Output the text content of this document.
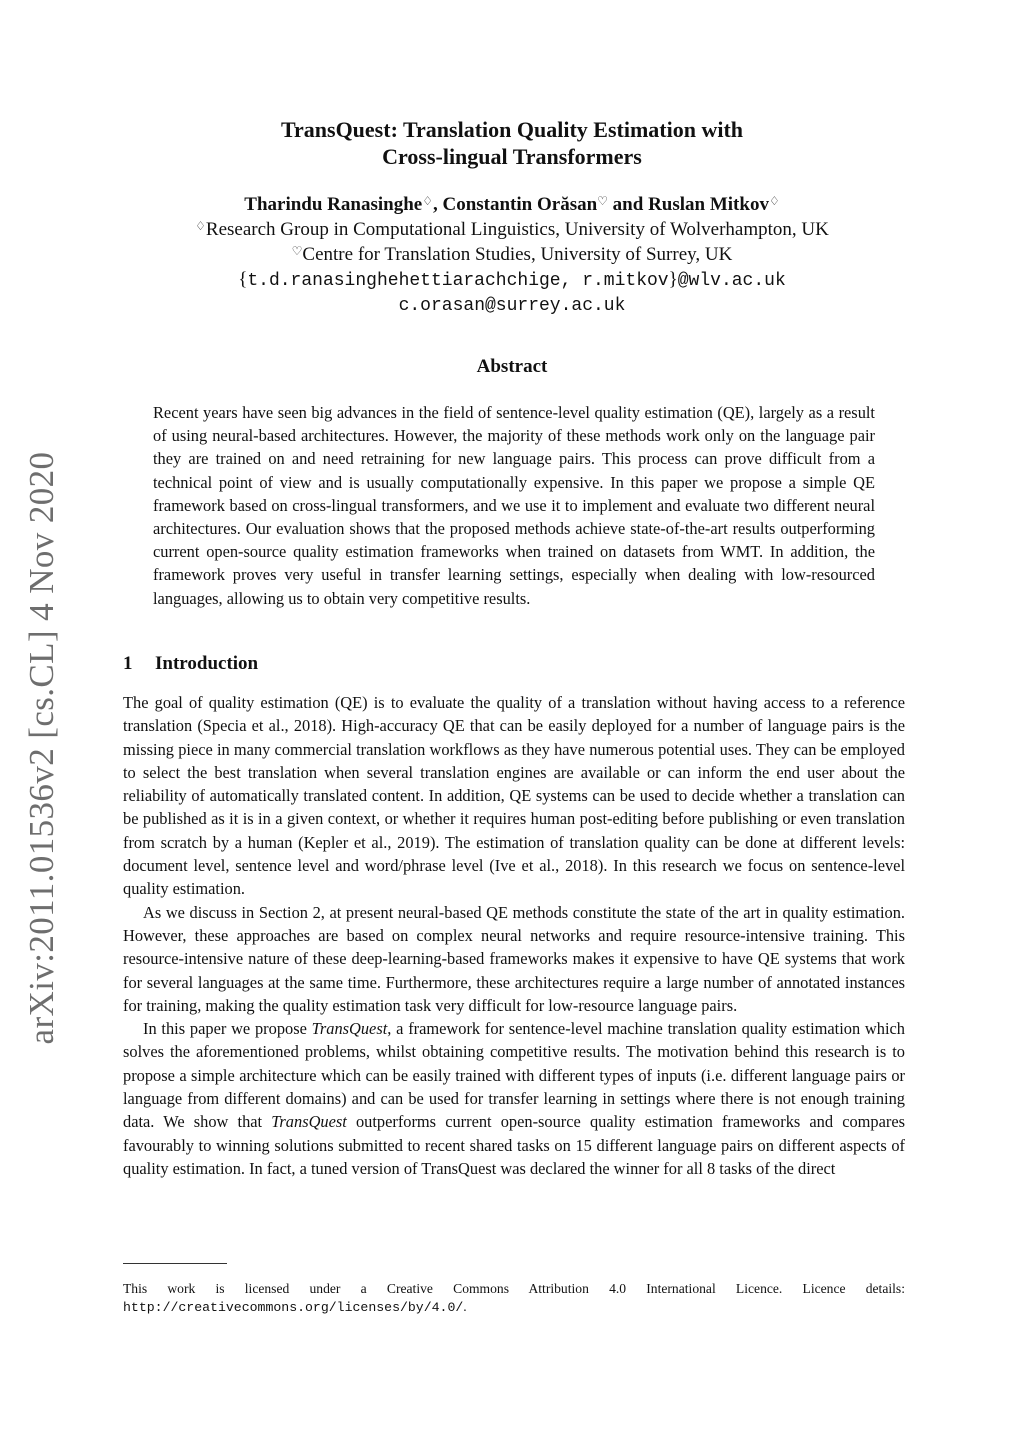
arXiv:2011.01536v2 [cs.CL] 4 Nov 2020
TransQuest: Translation Quality Estimation with
Cross-lingual Transformers
Tharindu Ranasinghe♢, Constantin Orăsan♡ and Ruslan Mitkov♢
♢Research Group in Computational Linguistics, University of Wolverhampton, UK
♡Centre for Translation Studies, University of Surrey, UK
{t.d.ranasinghehettiarachchige, r.mitkov}@wlv.ac.uk
c.orasan@surrey.ac.uk
Abstract

Recent years have seen big advances in the field of sentence-level quality estimation (QE), largely as a result of using neural-based architectures. However, the majority of these methods work only on the language pair they are trained on and need retraining for new language pairs. This process can prove difficult from a technical point of view and is usually computationally expensive. In this paper we propose a simple QE framework based on cross-lingual transformers, and we use it to implement and evaluate two different neural architectures. Our evaluation shows that the proposed methods achieve state-of-the-art results outperforming current open-source quality estimation frameworks when trained on datasets from WMT. In addition, the framework proves very useful in transfer learning settings, especially when dealing with low-resourced languages, allowing us to obtain very competitive results.

1 Introduction

The goal of quality estimation (QE) is to evaluate the quality of a translation without having access to a reference translation (Specia et al., 2018). High-accuracy QE that can be easily deployed for a number of language pairs is the missing piece in many commercial translation workflows as they have numerous potential uses. They can be employed to select the best translation when several translation engines are available or can inform the end user about the reliability of automatically translated content. In addition, QE systems can be used to decide whether a translation can be published as it is in a given context, or whether it requires human post-editing before publishing or even translation from scratch by a human (Kepler et al., 2019). The estimation of translation quality can be done at different levels: document level, sentence level and word/phrase level (Ive et al., 2018). In this research we focus on sentence-level quality estimation.

As we discuss in Section 2, at present neural-based QE methods constitute the state of the art in quality estimation. However, these approaches are based on complex neural networks and require resource-intensive training. This resource-intensive nature of these deep-learning-based frameworks makes it expensive to have QE systems that work for several languages at the same time. Furthermore, these architectures require a large number of annotated instances for training, making the quality estimation task very difficult for low-resource language pairs.

In this paper we propose TransQuest, a framework for sentence-level machine translation quality estimation which solves the aforementioned problems, whilst obtaining competitive results. The motivation behind this research is to propose a simple architecture which can be easily trained with different types of inputs (i.e. different language pairs or language from different domains) and can be used for transfer learning in settings where there is not enough training data. We show that TransQuest outperforms current open-source quality estimation frameworks and compares favourably to winning solutions submitted to recent shared tasks on 15 different language pairs on different aspects of quality estimation. In fact, a tuned version of TransQuest was declared the winner for all 8 tasks of the direct

This work is licensed under a Creative Commons Attribution 4.0 International Licence. Licence details: http://creativecommons.org/licenses/by/4.0/.
